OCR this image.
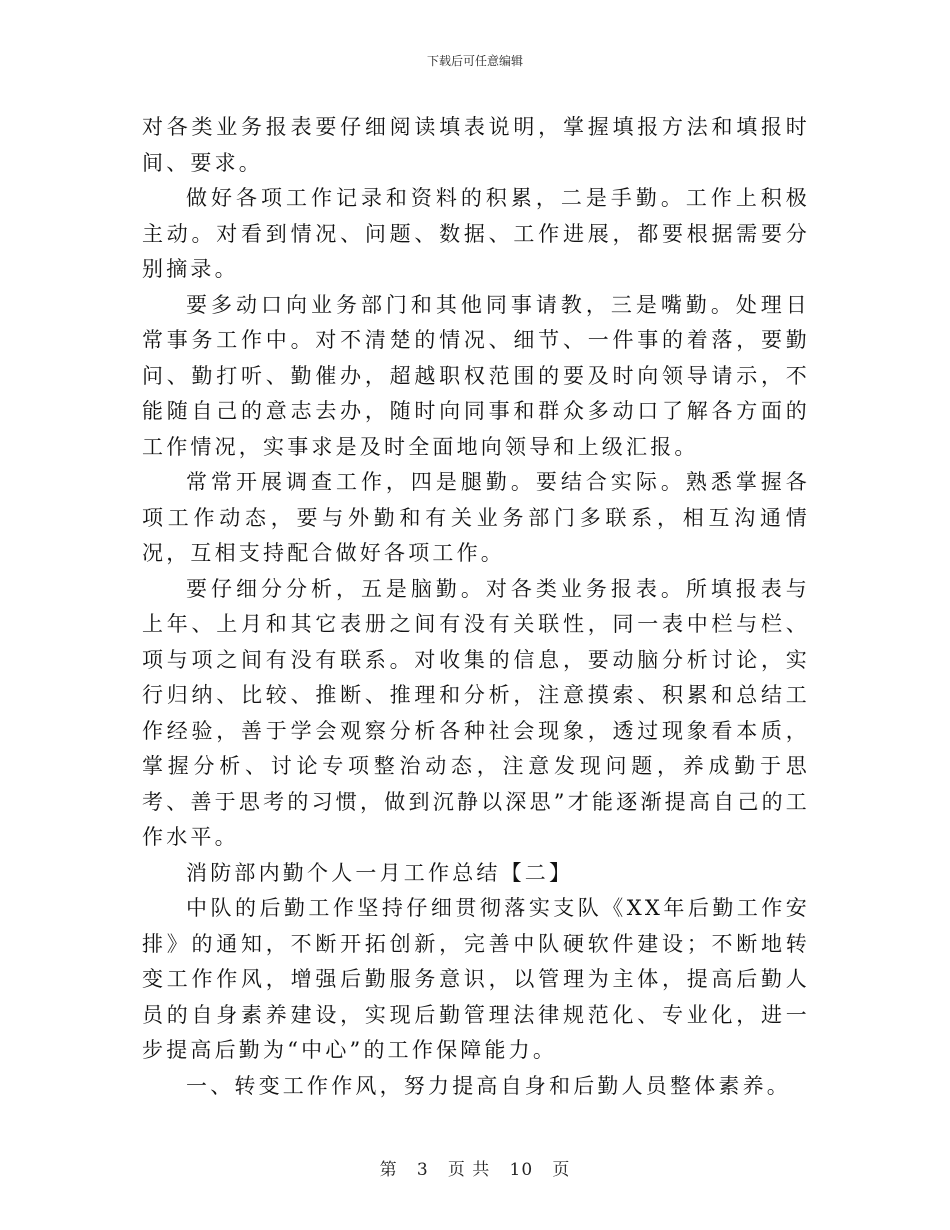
下载后可任意编辑

对各类业务报表要仔细阅读填表说明，掌握填报方法和填报时间、要求。

做好各项工作记录和资料的积累，二是手勤。工作上积极主动。对看到情况、问题、数据、工作进展，都要根据需要分别摘录。

要多动口向业务部门和其他同事请教，三是嘴勤。处理日常事务工作中。对不清楚的情况、细节、一件事的着落，要勤问、勤打听、勤催办，超越职权范围的要及时向领导请示，不能随自己的意志去办，随时向同事和群众多动口了解各方面的工作情况，实事求是及时全面地向领导和上级汇报。

常常开展调查工作，四是腿勤。要结合实际。熟悉掌握各项工作动态，要与外勤和有关业务部门多联系，相互沟通情况，互相支持配合做好各项工作。

要仔细分分析，五是脑勤。对各类业务报表。所填报表与上年、上月和其它表册之间有没有关联性，同一表中栏与栏、项与项之间有没有联系。对收集的信息，要动脑分析讨论，实行归纳、比较、推断、推理和分析，注意摸索、积累和总结工作经验，善于学会观察分析各种社会现象，透过现象看本质，掌握分析、讨论专项整治动态，注意发现问题，养成勤于思考、善于思考的习惯，做到沉静以深思”才能逐渐提高自己的工作水平。

消防部内勤个人一月工作总结【二】

中队的后勤工作坚持仔细贯彻落实支队《XX年后勤工作安排》的通知，不断开拓创新，完善中队硬软件建设；不断地转变工作作风，增强后勤服务意识，以管理为主体，提高后勤人员的自身素养建设，实现后勤管理法律规范化、专业化，进一步提高后勤为“中心”的工作保障能力。

一、转变工作作风，努力提高自身和后勤人员整体素养。

第 3 页 共 10 页
